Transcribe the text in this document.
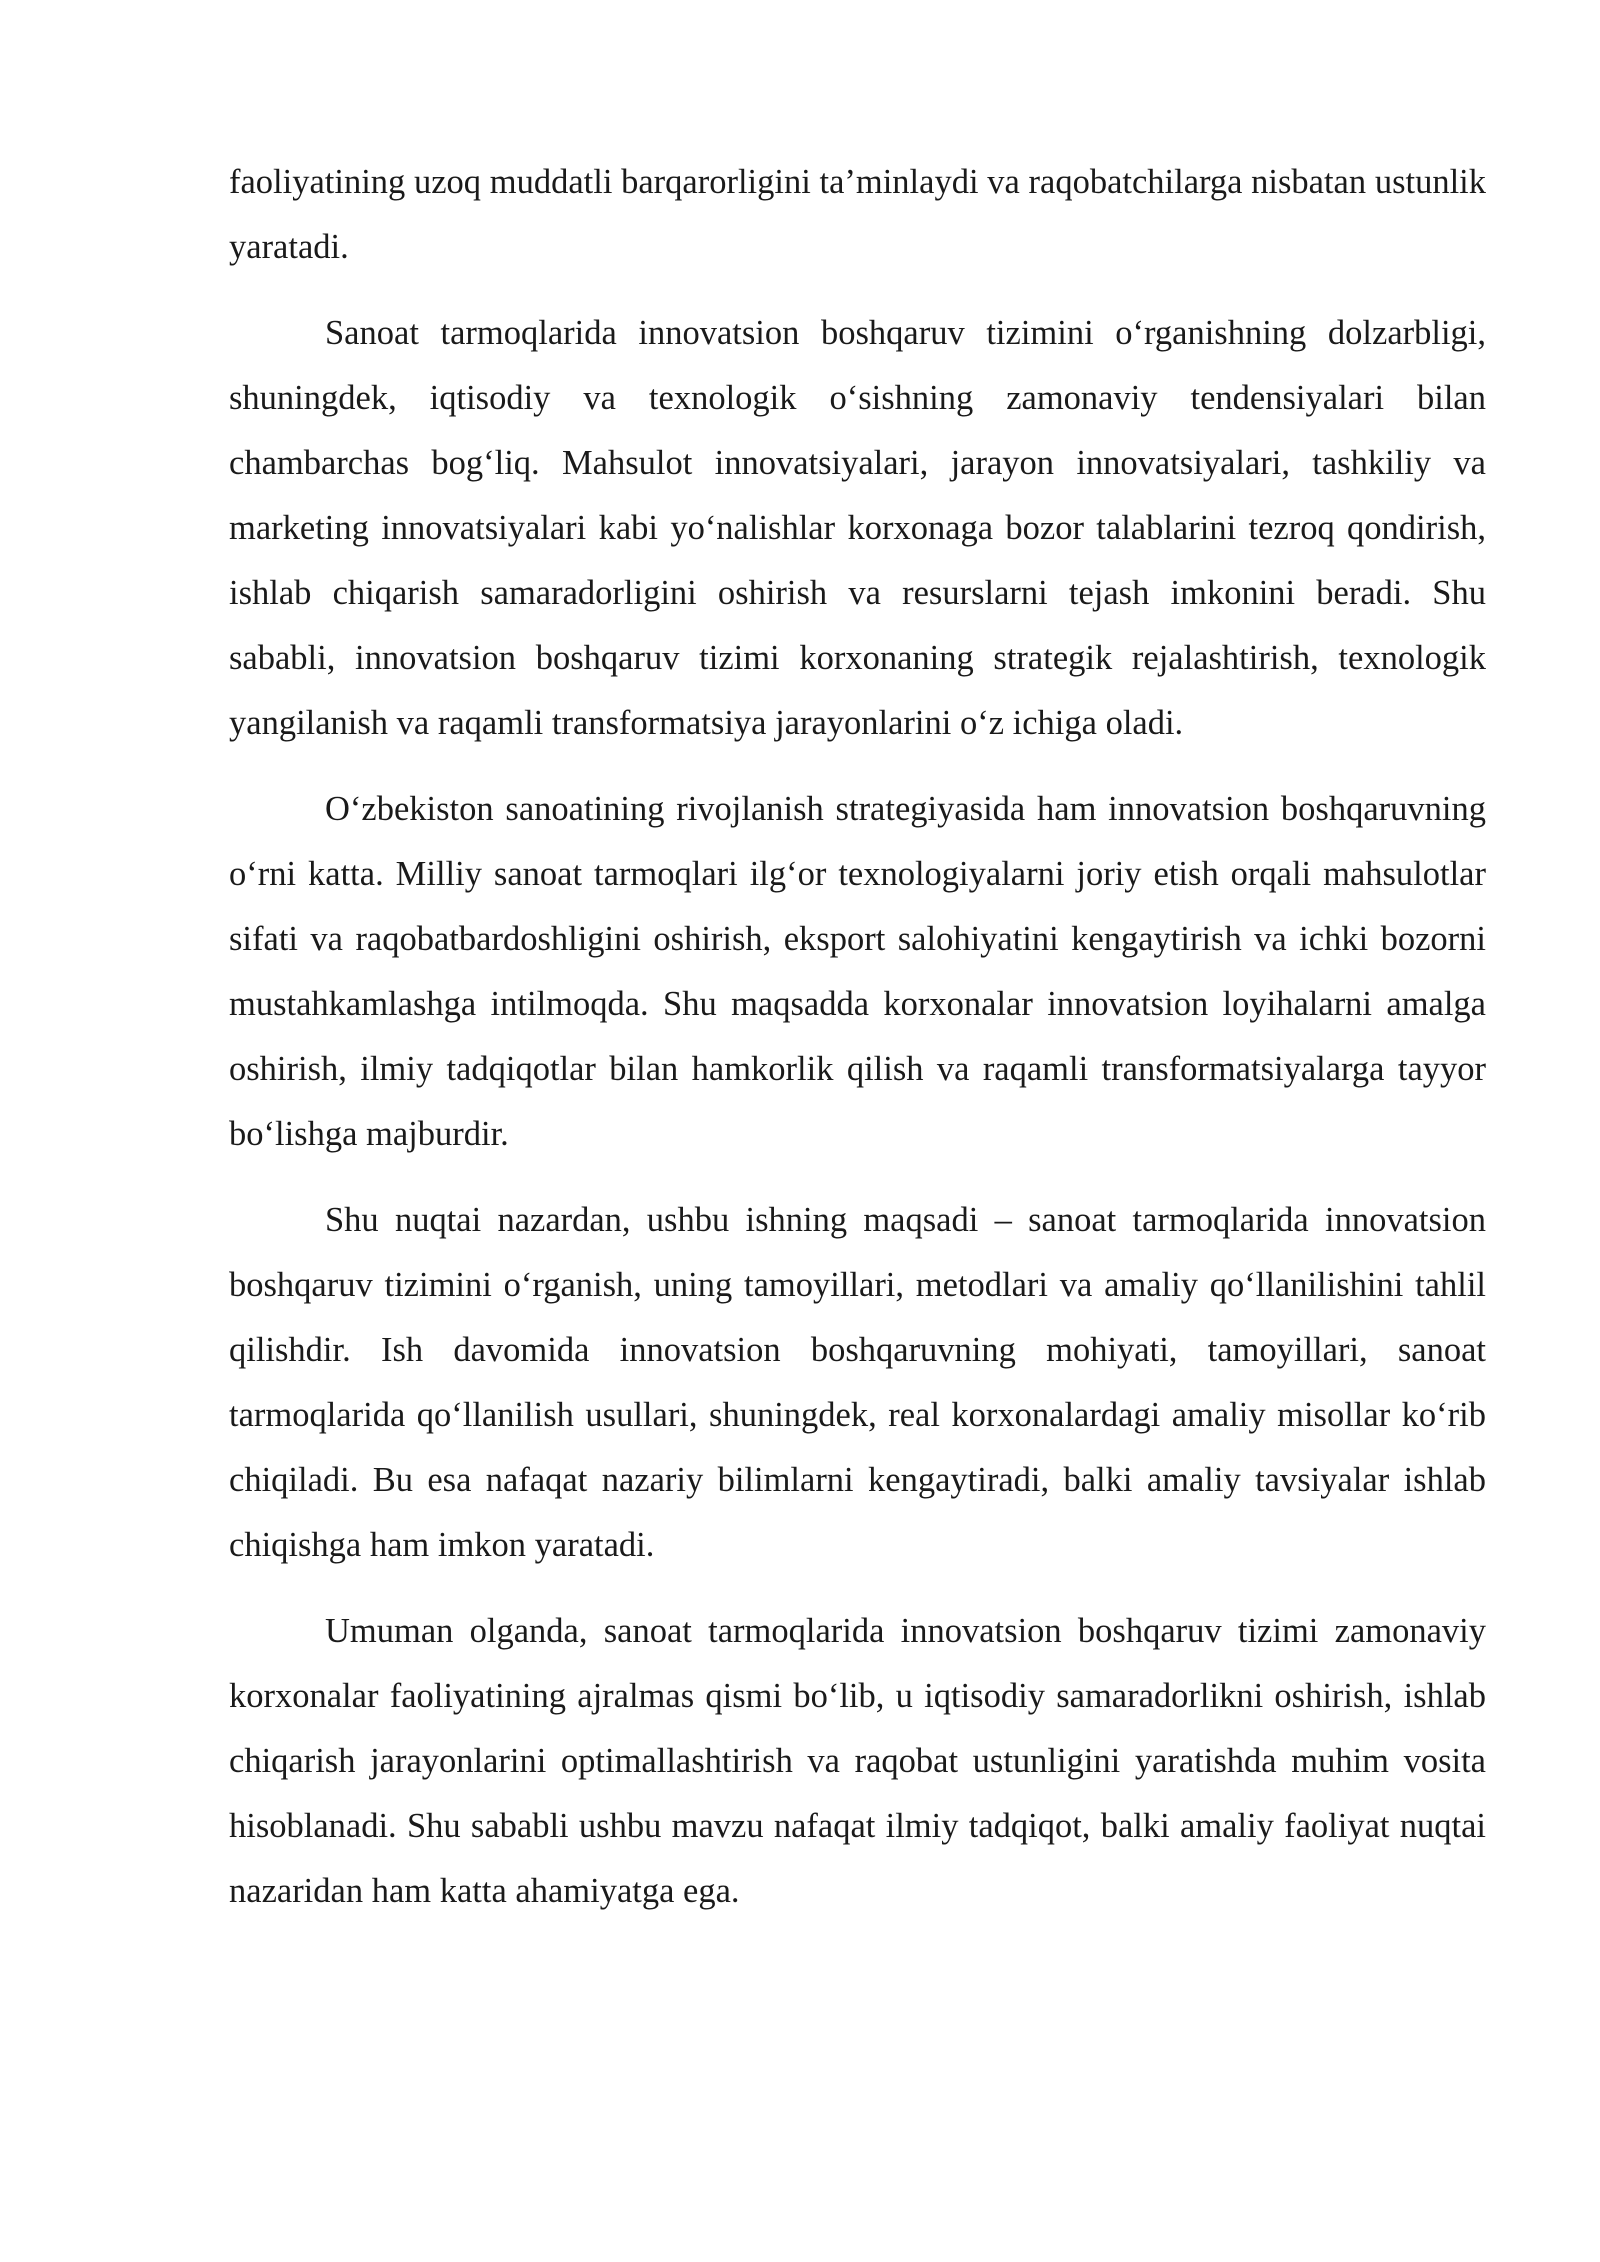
faoliyatining uzoq muddatli barqarorligini ta’minlaydi va raqobatchilarga nisbatan ustunlik yaratadi.

Sanoat tarmoqlarida innovatsion boshqaruv tizimini o‘rganishning dolzarbligi, shuningdek, iqtisodiy va texnologik o‘sishning zamonaviy tendensiyalari bilan chambarchas bog‘liq. Mahsulot innovatsiyalari, jarayon innovatsiyalari, tashkiliy va marketing innovatsiyalari kabi yo‘nalishlar korxonaga bozor talablarini tezroq qondirish, ishlab chiqarish samaradorligini oshirish va resurslarni tejash imkonini beradi. Shu sababli, innovatsion boshqaruv tizimi korxonaning strategik rejalashtirish, texnologik yangilanish va raqamli transformatsiya jarayonlarini o‘z ichiga oladi.

O‘zbekiston sanoatining rivojlanish strategiyasida ham innovatsion boshqaruvning o‘rni katta. Milliy sanoat tarmoqlari ilg‘or texnologiyalarni joriy etish orqali mahsulotlar sifati va raqobatbardoshligini oshirish, eksport salohiyatini kengaytirish va ichki bozorni mustahkamlashga intilmoqda. Shu maqsadda korxonalar innovatsion loyihalarni amalga oshirish, ilmiy tadqiqotlar bilan hamkorlik qilish va raqamli transformatsiyalarga tayyor bo‘lishga majburdir.

Shu nuqtai nazardan, ushbu ishning maqsadi – sanoat tarmoqlarida innovatsion boshqaruv tizimini o‘rganish, uning tamoyillari, metodlari va amaliy qo‘llanilishini tahlil qilishdir. Ish davomida innovatsion boshqaruvning mohiyati, tamoyillari, sanoat tarmoqlarida qo‘llanilish usullari, shuningdek, real korxonalardagi amaliy misollar ko‘rib chiqiladi. Bu esa nafaqat nazariy bilimlarni kengaytiradi, balki amaliy tavsiyalar ishlab chiqishga ham imkon yaratadi.

Umuman olganda, sanoat tarmoqlarida innovatsion boshqaruv tizimi zamonaviy korxonalar faoliyatining ajralmas qismi bo‘lib, u iqtisodiy samaradorlikni oshirish, ishlab chiqarish jarayonlarini optimallashtirish va raqobat ustunligini yaratishda muhim vosita hisoblanadi. Shu sababli ushbu mavzu nafaqat ilmiy tadqiqot, balki amaliy faoliyat nuqtai nazaridan ham katta ahamiyatga ega.
